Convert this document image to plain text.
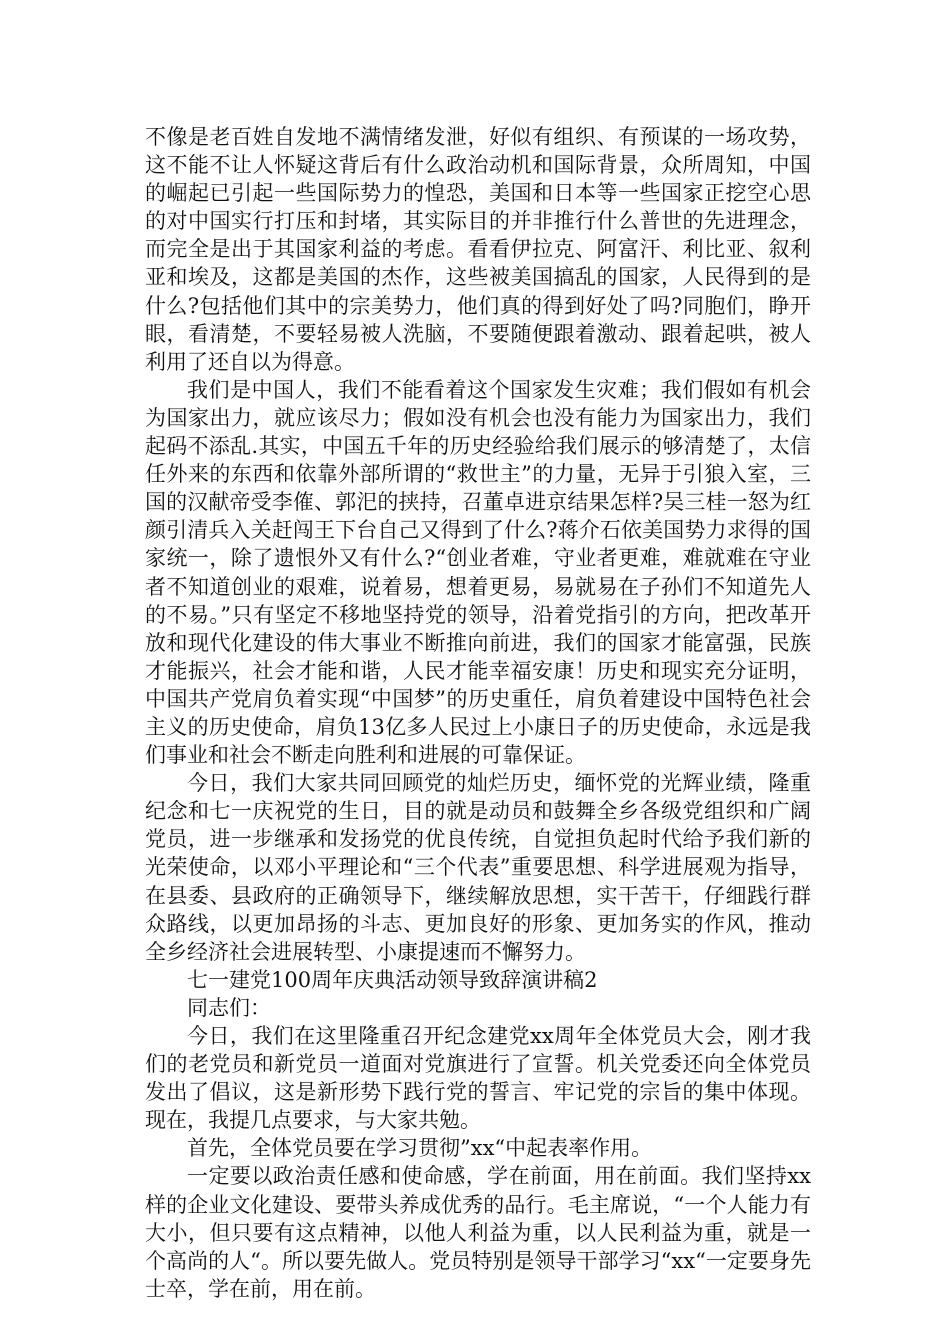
不像是老百姓自发地不满情绪发泄，好似有组织、有预谋的一场攻势，这不能不让人怀疑这背后有什么政治动机和国际背景，众所周知，中国的崛起已引起一些国际势力的惶恐，美国和日本等一些国家正挖空心思的对中国实行打压和封堵，其实际目的并非推行什么普世的先进理念，而完全是出于其国家利益的考虑。看看伊拉克、阿富汗、利比亚、叙利亚和埃及，这都是美国的杰作，这些被美国搞乱的国家，人民得到的是什么?包括他们其中的宗美势力，他们真的得到好处了吗?同胞们，睁开眼，看清楚，不要轻易被人洗脑，不要随便跟着激动、跟着起哄，被人利用了还自以为得意。

我们是中国人，我们不能看着这个国家发生灾难；我们假如有机会为国家出力，就应该尽力；假如没有机会也没有能力为国家出力，我们起码不添乱.其实，中国五千年的历史经验给我们展示的够清楚了，太信任外来的东西和依靠外部所谓的“救世主”的力量，无异于引狼入室，三国的汉献帝受李傕、郭汜的挟持，召董卓进京结果怎样?吴三桂一怒为红颜引清兵入关赶闯王下台自己又得到了什么?蒋介石依美国势力求得的国家统一，除了遗恨外又有什么?“创业者难，守业者更难，难就难在守业者不知道创业的艰难，说着易，想着更易，易就易在子孙们不知道先人的不易。”只有坚定不移地坚持党的领导，沿着党指引的方向，把改革开放和现代化建设的伟大事业不断推向前进，我们的国家才能富强，民族才能振兴，社会才能和谐，人民才能幸福安康！历史和现实充分证明，中国共产党肩负着实现“中国梦”的历史重任，肩负着建设中国特色社会主义的历史使命，肩负13亿多人民过上小康日子的历史使命，永远是我们事业和社会不断走向胜利和进展的可靠保证。

今日，我们大家共同回顾党的灿烂历史，缅怀党的光辉业绩，隆重纪念和七一庆祝党的生日，目的就是动员和鼓舞全乡各级党组织和广阔党员，进一步继承和发扬党的优良传统，自觉担负起时代给予我们新的光荣使命，以邓小平理论和“三个代表”重要思想、科学进展观为指导，在县委、县政府的正确领导下，继续解放思想，实干苦干，仔细践行群众路线，以更加昂扬的斗志、更加良好的形象、更加务实的作风，推动全乡经济社会进展转型、小康提速而不懈努力。

七一建党100周年庆典活动领导致辞演讲稿2

同志们：

今日，我们在这里隆重召开纪念建党xx周年全体党员大会，刚才我们的老党员和新党员一道面对党旗进行了宣誓。机关党委还向全体党员发出了倡议，这是新形势下践行党的誓言、牢记党的宗旨的集中体现。现在，我提几点要求，与大家共勉。

首先，全体党员要在学习贯彻”xx“中起表率作用。

一定要以政治责任感和使命感，学在前面，用在前面。我们坚持xx样的企业文化建设、要带头养成优秀的品行。毛主席说，“一个人能力有大小，但只要有这点精神，以他人利益为重，以人民利益为重，就是一个高尚的人“。所以要先做人。党员特别是领导干部学习“xx“一定要身先士卒，学在前，用在前。
